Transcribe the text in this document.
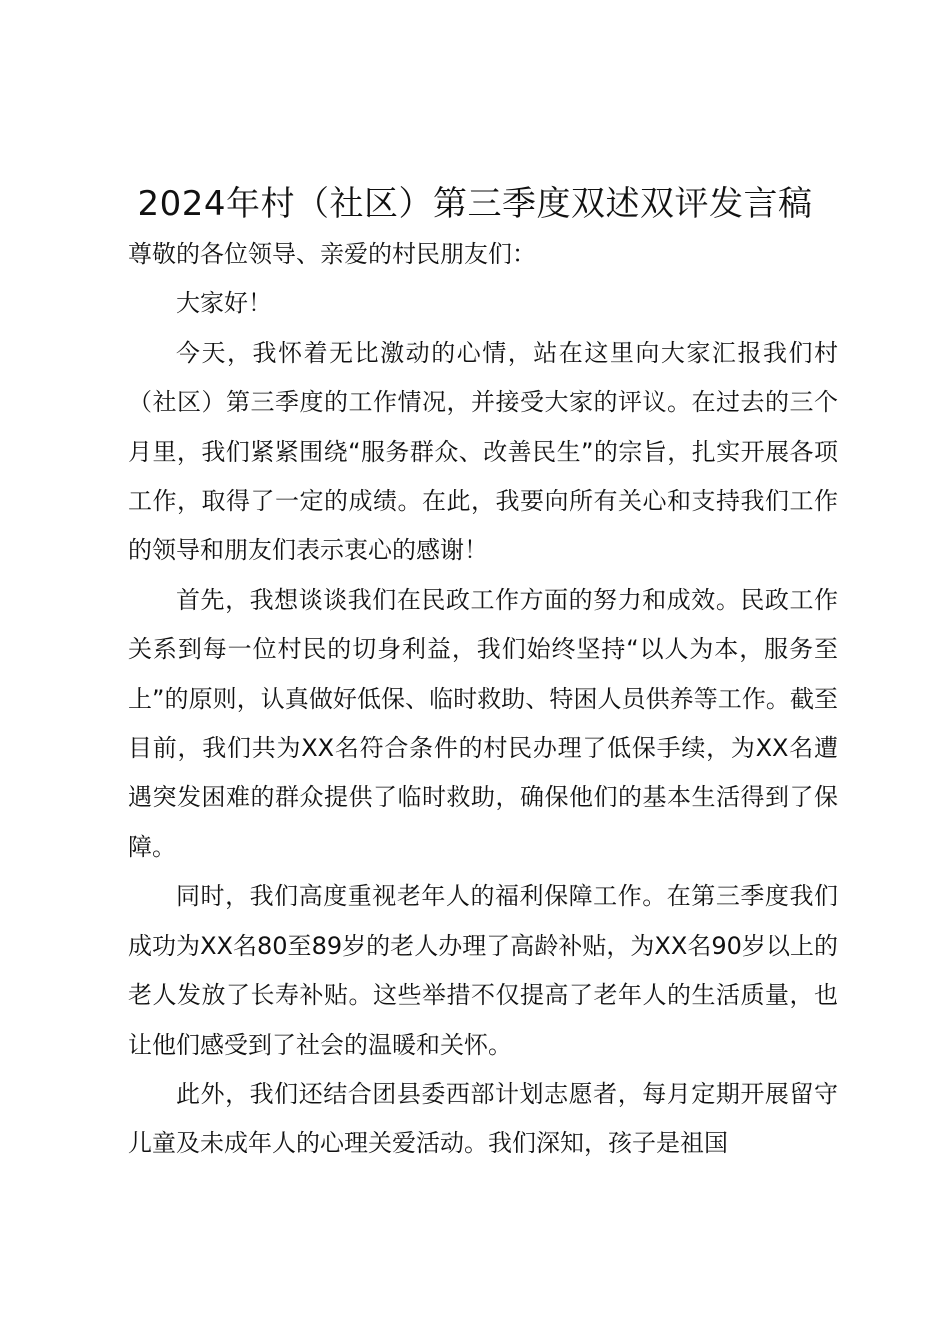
2024年村（社区）第三季度双述双评发言稿

尊敬的各位领导、亲爱的村民朋友们：

大家好！

今天，我怀着无比激动的心情，站在这里向大家汇报我们村（社区）第三季度的工作情况，并接受大家的评议。在过去的三个月里，我们紧紧围绕“服务群众、改善民生”的宗旨，扎实开展各项工作，取得了一定的成绩。在此，我要向所有关心和支持我们工作的领导和朋友们表示衷心的感谢！

首先，我想谈谈我们在民政工作方面的努力和成效。民政工作关系到每一位村民的切身利益，我们始终坚持“以人为本，服务至上”的原则，认真做好低保、临时救助、特困人员供养等工作。截至目前，我们共为XX名符合条件的村民办理了低保手续，为XX名遭遇突发困难的群众提供了临时救助，确保他们的基本生活得到了保障。

同时，我们高度重视老年人的福利保障工作。在第三季度我们成功为XX名80至89岁的老人办理了高龄补贴，为XX名90岁以上的老人发放了长寿补贴。这些举措不仅提高了老年人的生活质量，也让他们感受到了社会的温暖和关怀。

此外，我们还结合团县委西部计划志愿者，每月定期开展留守儿童及未成年人的心理关爱活动。我们深知，孩子是祖国
